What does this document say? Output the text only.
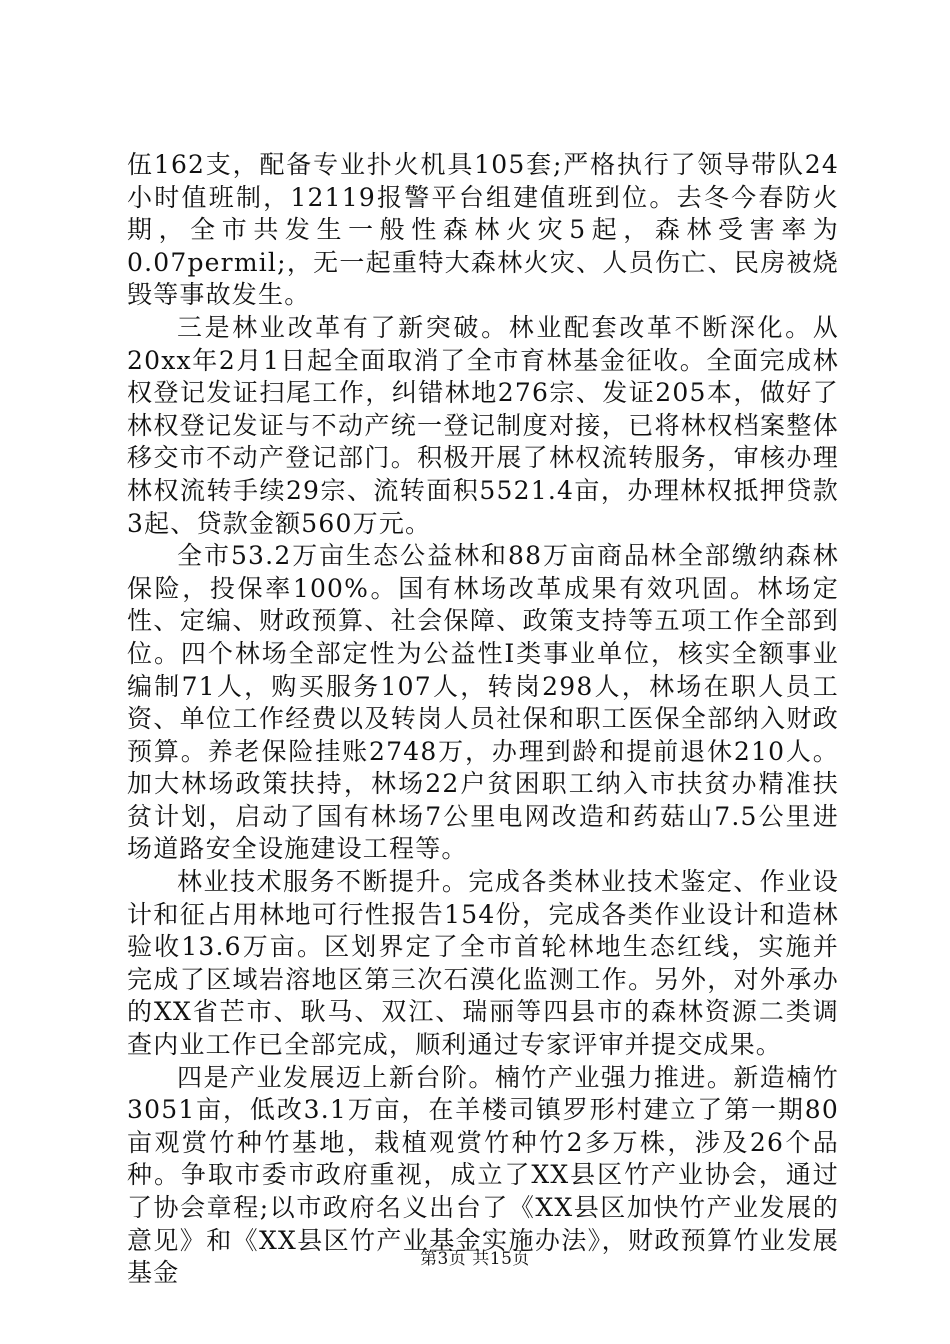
伍162支，配备专业扑火机具105套;严格执行了领导带队24小时值班制，12119报警平台组建值班到位。去冬今春防火期，全市共发生一般性森林火灾5起，森林受害率为0.07permil;，无一起重特大森林火灾、人员伤亡、民房被烧毁等事故发生。

三是林业改革有了新突破。林业配套改革不断深化。从20xx年2月1日起全面取消了全市育林基金征收。全面完成林权登记发证扫尾工作，纠错林地276宗、发证205本，做好了林权登记发证与不动产统一登记制度对接，已将林权档案整体移交市不动产登记部门。积极开展了林权流转服务，审核办理林权流转手续29宗、流转面积5521.4亩，办理林权抵押贷款3起、贷款金额560万元。

全市53.2万亩生态公益林和88万亩商品林全部缴纳森林保险，投保率100%。国有林场改革成果有效巩固。林场定性、定编、财政预算、社会保障、政策支持等五项工作全部到位。四个林场全部定性为公益性Ⅰ类事业单位，核实全额事业编制71人，购买服务107人，转岗298人，林场在职人员工资、单位工作经费以及转岗人员社保和职工医保全部纳入财政预算。养老保险挂账2748万，办理到龄和提前退休210人。加大林场政策扶持，林场22户贫困职工纳入市扶贫办精准扶贫计划，启动了国有林场7公里电网改造和药菇山7.5公里进场道路安全设施建设工程等。

林业技术服务不断提升。完成各类林业技术鉴定、作业设计和征占用林地可行性报告154份，完成各类作业设计和造林验收13.6万亩。区划界定了全市首轮林地生态红线，实施并完成了区域岩溶地区第三次石漠化监测工作。另外，对外承办的XX省芒市、耿马、双江、瑞丽等四县市的森林资源二类调查内业工作已全部完成，顺利通过专家评审并提交成果。

四是产业发展迈上新台阶。楠竹产业强力推进。新造楠竹3051亩，低改3.1万亩，在羊楼司镇罗形村建立了第一期80亩观赏竹种竹基地，栽植观赏竹种竹2多万株，涉及26个品种。争取市委市政府重视，成立了XX县区竹产业协会，通过了协会章程;以市政府名义出台了《XX县区加快竹产业发展的意见》和《XX县区竹产业基金实施办法》，财政预算竹业发展基金	第3页 共15页
